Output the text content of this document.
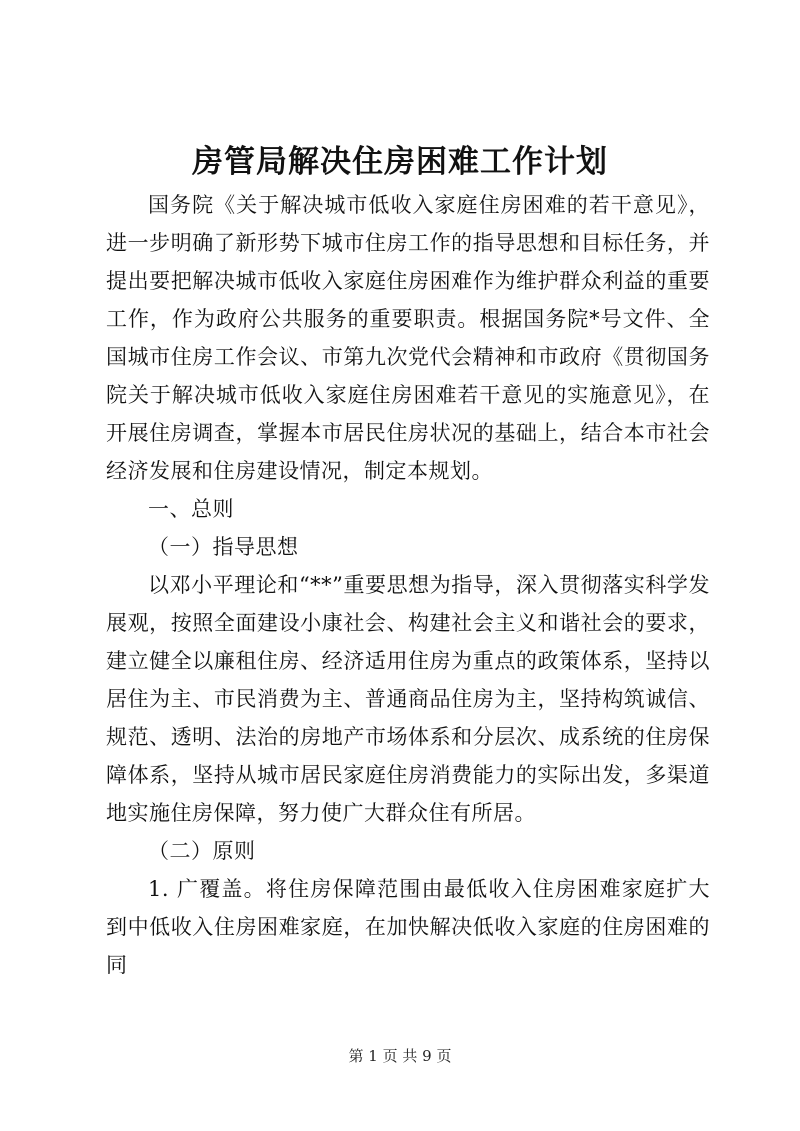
房管局解决住房困难工作计划

国务院《关于解决城市低收入家庭住房困难的若干意见》，进一步明确了新形势下城市住房工作的指导思想和目标任务，并提出要把解决城市低收入家庭住房困难作为维护群众利益的重要工作，作为政府公共服务的重要职责。根据国务院*号文件、全国城市住房工作会议、市第九次党代会精神和市政府《贯彻国务院关于解决城市低收入家庭住房困难若干意见的实施意见》，在开展住房调查，掌握本市居民住房状况的基础上，结合本市社会经济发展和住房建设情况，制定本规划。

一、总则

（一）指导思想

以邓小平理论和“**”重要思想为指导，深入贯彻落实科学发展观，按照全面建设小康社会、构建社会主义和谐社会的要求，建立健全以廉租住房、经济适用住房为重点的政策体系，坚持以居住为主、市民消费为主、普通商品住房为主，坚持构筑诚信、规范、透明、法治的房地产市场体系和分层次、成系统的住房保障体系，坚持从城市居民家庭住房消费能力的实际出发，多渠道地实施住房保障，努力使广大群众住有所居。

（二）原则

1. 广覆盖。将住房保障范围由最低收入住房困难家庭扩大到中低收入住房困难家庭，在加快解决低收入家庭的住房困难的同

第 1 页 共 9 页
